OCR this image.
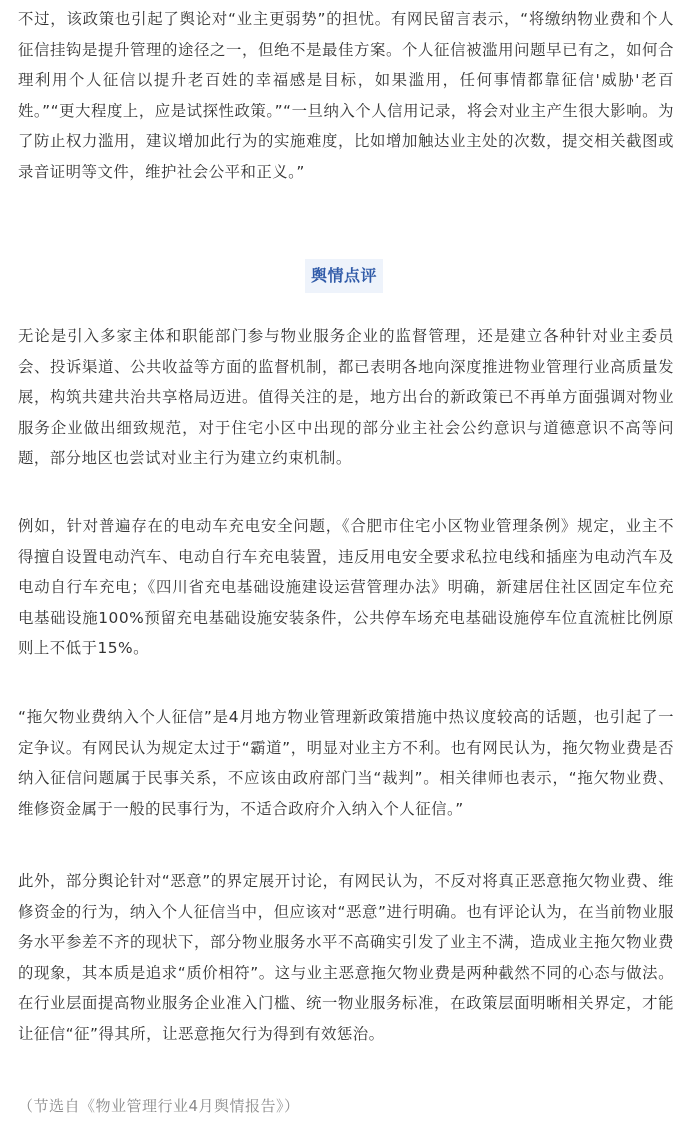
不过，该政策也引起了舆论对“业主更弱势”的担忧。有网民留言表示，“将缴纳物业费和个人征信挂钩是提升管理的途径之一，但绝不是最佳方案。个人征信被滥用问题早已有之，如何合理利用个人征信以提升老百姓的幸福感是目标，如果滥用，任何事情都靠征信'威胁'老百姓。”“更大程度上，应是试探性政策。”“一旦纳入个人信用记录，将会对业主产生很大影响。为了防止权力滥用，建议增加此行为的实施难度，比如增加触达业主处的次数，提交相关截图或录音证明等文件，维护社会公平和正义。”

舆情点评

无论是引入多家主体和职能部门参与物业服务企业的监督管理，还是建立各种针对业主委员会、投诉渠道、公共收益等方面的监督机制，都已表明各地向深度推进物业管理行业高质量发展，构筑共建共治共享格局迈进。值得关注的是，地方出台的新政策已不再单方面强调对物业服务企业做出细致规范，对于住宅小区中出现的部分业主社会公约意识与道德意识不高等问题，部分地区也尝试对业主行为建立约束机制。

例如，针对普遍存在的电动车充电安全问题，《合肥市住宅小区物业管理条例》规定，业主不得擅自设置电动汽车、电动自行车充电装置，违反用电安全要求私拉电线和插座为电动汽车及电动自行车充电；《四川省充电基础设施建设运营管理办法》明确，新建居住社区固定车位充电基础设施100%预留充电基础设施安装条件，公共停车场充电基础设施停车位直流桩比例原则上不低于15%。

“拖欠物业费纳入个人征信”是4月地方物业管理新政策措施中热议度较高的话题，也引起了一定争议。有网民认为规定太过于“霸道”，明显对业主方不利。也有网民认为，拖欠物业费是否纳入征信问题属于民事关系，不应该由政府部门当“裁判”。相关律师也表示，“拖欠物业费、维修资金属于一般的民事行为，不适合政府介入纳入个人征信。”

此外，部分舆论针对“恶意”的界定展开讨论，有网民认为，不反对将真正恶意拖欠物业费、维修资金的行为，纳入个人征信当中，但应该对“恶意”进行明确。也有评论认为，在当前物业服务水平参差不齐的现状下，部分物业服务水平不高确实引发了业主不满，造成业主拖欠物业费的现象，其本质是追求“质价相符”。这与业主恶意拖欠物业费是两种截然不同的心态与做法。在行业层面提高物业服务企业准入门槛、统一物业服务标准，在政策层面明晰相关界定，才能让征信“征”得其所，让恶意拖欠行为得到有效惩治。

（节选自《物业管理行业4月舆情报告》）
